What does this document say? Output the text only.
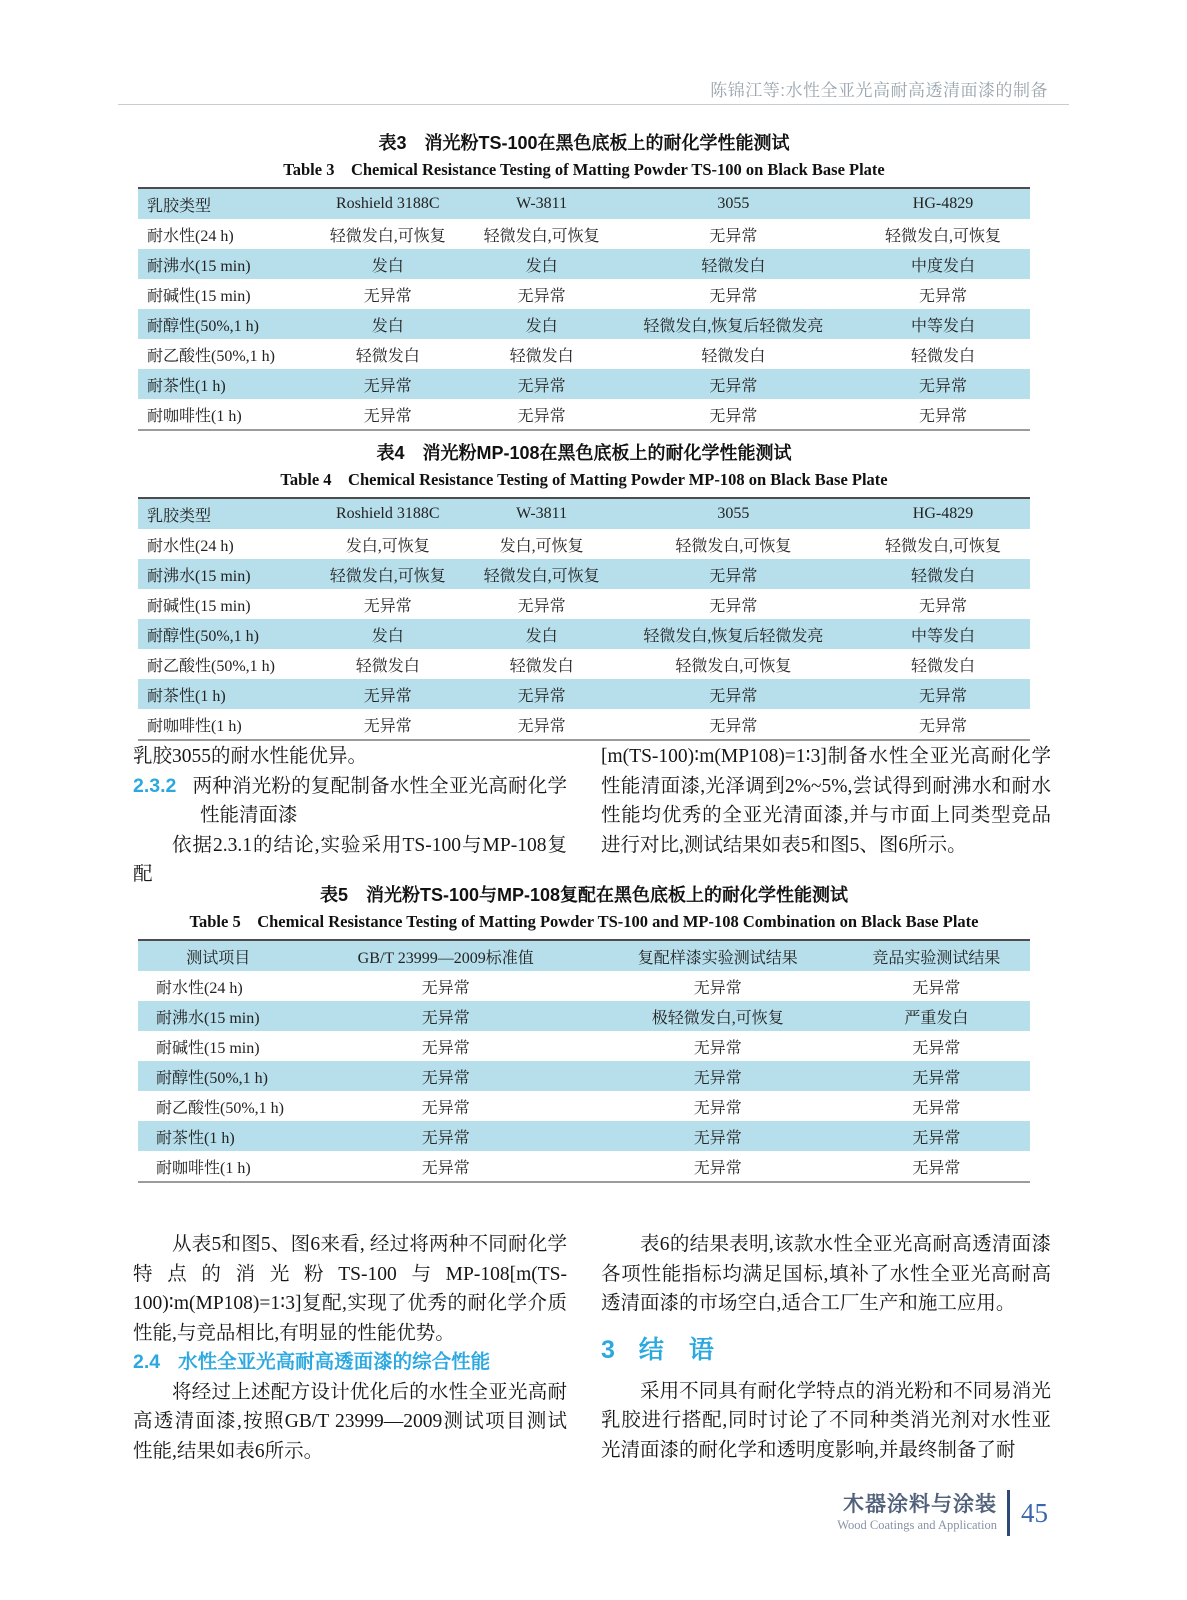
陈锦江等:水性全亚光高耐高透清面漆的制备
表3　消光粉TS-100在黑色底板上的耐化学性能测试
Table 3　Chemical Resistance Testing of Matting Powder TS-100 on Black Base Plate
乳胶类型	Roshield 3188C	W-3811	3055	HG-4829
耐水性(24 h)	轻微发白,可恢复	轻微发白,可恢复	无异常	轻微发白,可恢复
耐沸水(15 min)	发白	发白	轻微发白	中度发白
耐碱性(15 min)	无异常	无异常	无异常	无异常
耐醇性(50%,1 h)	发白	发白	轻微发白,恢复后轻微发亮	中等发白
耐乙酸性(50%,1 h)	轻微发白	轻微发白	轻微发白	轻微发白
耐茶性(1 h)	无异常	无异常	无异常	无异常
耐咖啡性(1 h)	无异常	无异常	无异常	无异常
表4　消光粉MP-108在黑色底板上的耐化学性能测试
Table 4　Chemical Resistance Testing of Matting Powder MP-108 on Black Base Plate
乳胶类型	Roshield 3188C	W-3811	3055	HG-4829
耐水性(24 h)	发白,可恢复	发白,可恢复	轻微发白,可恢复	轻微发白,可恢复
耐沸水(15 min)	轻微发白,可恢复	轻微发白,可恢复	无异常	轻微发白
耐碱性(15 min)	无异常	无异常	无异常	无异常
耐醇性(50%,1 h)	发白	发白	轻微发白,恢复后轻微发亮	中等发白
耐乙酸性(50%,1 h)	轻微发白	轻微发白	轻微发白,可恢复	轻微发白
耐茶性(1 h)	无异常	无异常	无异常	无异常
耐咖啡性(1 h)	无异常	无异常	无异常	无异常
乳胶3055的耐水性能优异。
2.3.2 两种消光粉的复配制备水性全亚光高耐化学性能清面漆
依据2.3.1的结论,实验采用TS-100与MP-108复配
[m(TS-100)∶m(MP108)=1∶3]制备水性全亚光高耐化学性能清面漆,光泽调到2%~5%,尝试得到耐沸水和耐水性能均优秀的全亚光清面漆,并与市面上同类型竞品进行对比,测试结果如表5和图5、图6所示。
表5　消光粉TS-100与MP-108复配在黑色底板上的耐化学性能测试
Table 5　Chemical Resistance Testing of Matting Powder TS-100 and MP-108 Combination on Black Base Plate
测试项目	GB/T 23999—2009标准值	复配样漆实验测试结果	竞品实验测试结果
耐水性(24 h)	无异常	无异常	无异常
耐沸水(15 min)	无异常	极轻微发白,可恢复	严重发白
耐碱性(15 min)	无异常	无异常	无异常
耐醇性(50%,1 h)	无异常	无异常	无异常
耐乙酸性(50%,1 h)	无异常	无异常	无异常
耐茶性(1 h)	无异常	无异常	无异常
耐咖啡性(1 h)	无异常	无异常	无异常
从表5和图5、图6来看, 经过将两种不同耐化学特点的消光粉TS-100与MP-108[m(TS-100)∶m(MP108)=1∶3]复配,实现了优秀的耐化学介质性能,与竞品相比,有明显的性能优势。
2.4 水性全亚光高耐高透面漆的综合性能
将经过上述配方设计优化后的水性全亚光高耐高透清面漆,按照GB/T 23999—2009测试项目测试性能,结果如表6所示。
表6的结果表明,该款水性全亚光高耐高透清面漆各项性能指标均满足国标,填补了水性全亚光高耐高透清面漆的市场空白,适合工厂生产和施工应用。
3 结　语
采用不同具有耐化学特点的消光粉和不同易消光乳胶进行搭配,同时讨论了不同种类消光剂对水性亚光清面漆的耐化学和透明度影响,并最终制备了耐
木器涂料与涂装
Wood Coatings and Application 45
